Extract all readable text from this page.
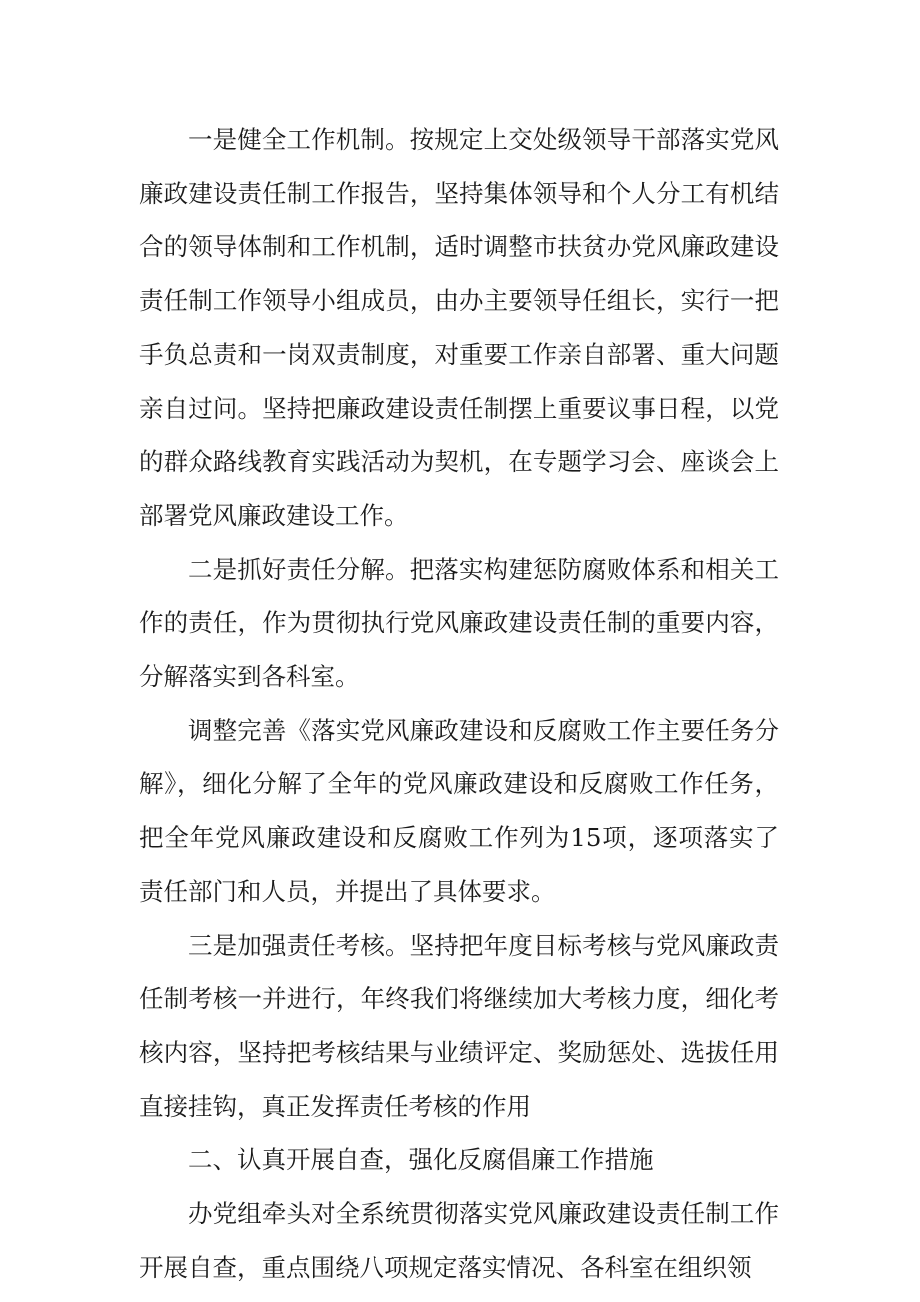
一是健全工作机制。按规定上交处级领导干部落实党风廉政建设责任制工作报告，坚持集体领导和个人分工有机结合的领导体制和工作机制，适时调整市扶贫办党风廉政建设责任制工作领导小组成员，由办主要领导任组长，实行一把手负总责和一岗双责制度，对重要工作亲自部署、重大问题亲自过问。坚持把廉政建设责任制摆上重要议事日程，以党的群众路线教育实践活动为契机，在专题学习会、座谈会上部署党风廉政建设工作。

二是抓好责任分解。把落实构建惩防腐败体系和相关工作的责任，作为贯彻执行党风廉政建设责任制的重要内容，分解落实到各科室。

调整完善《落实党风廉政建设和反腐败工作主要任务分解》，细化分解了全年的党风廉政建设和反腐败工作任务，把全年党风廉政建设和反腐败工作列为15项，逐项落实了责任部门和人员，并提出了具体要求。

三是加强责任考核。坚持把年度目标考核与党风廉政责任制考核一并进行，年终我们将继续加大考核力度，细化考核内容，坚持把考核结果与业绩评定、奖励惩处、选拔任用直接挂钩，真正发挥责任考核的作用

二、认真开展自查，强化反腐倡廉工作措施

办党组牵头对全系统贯彻落实党风廉政建设责任制工作开展自查，重点围绕八项规定落实情况、各科室在组织领
